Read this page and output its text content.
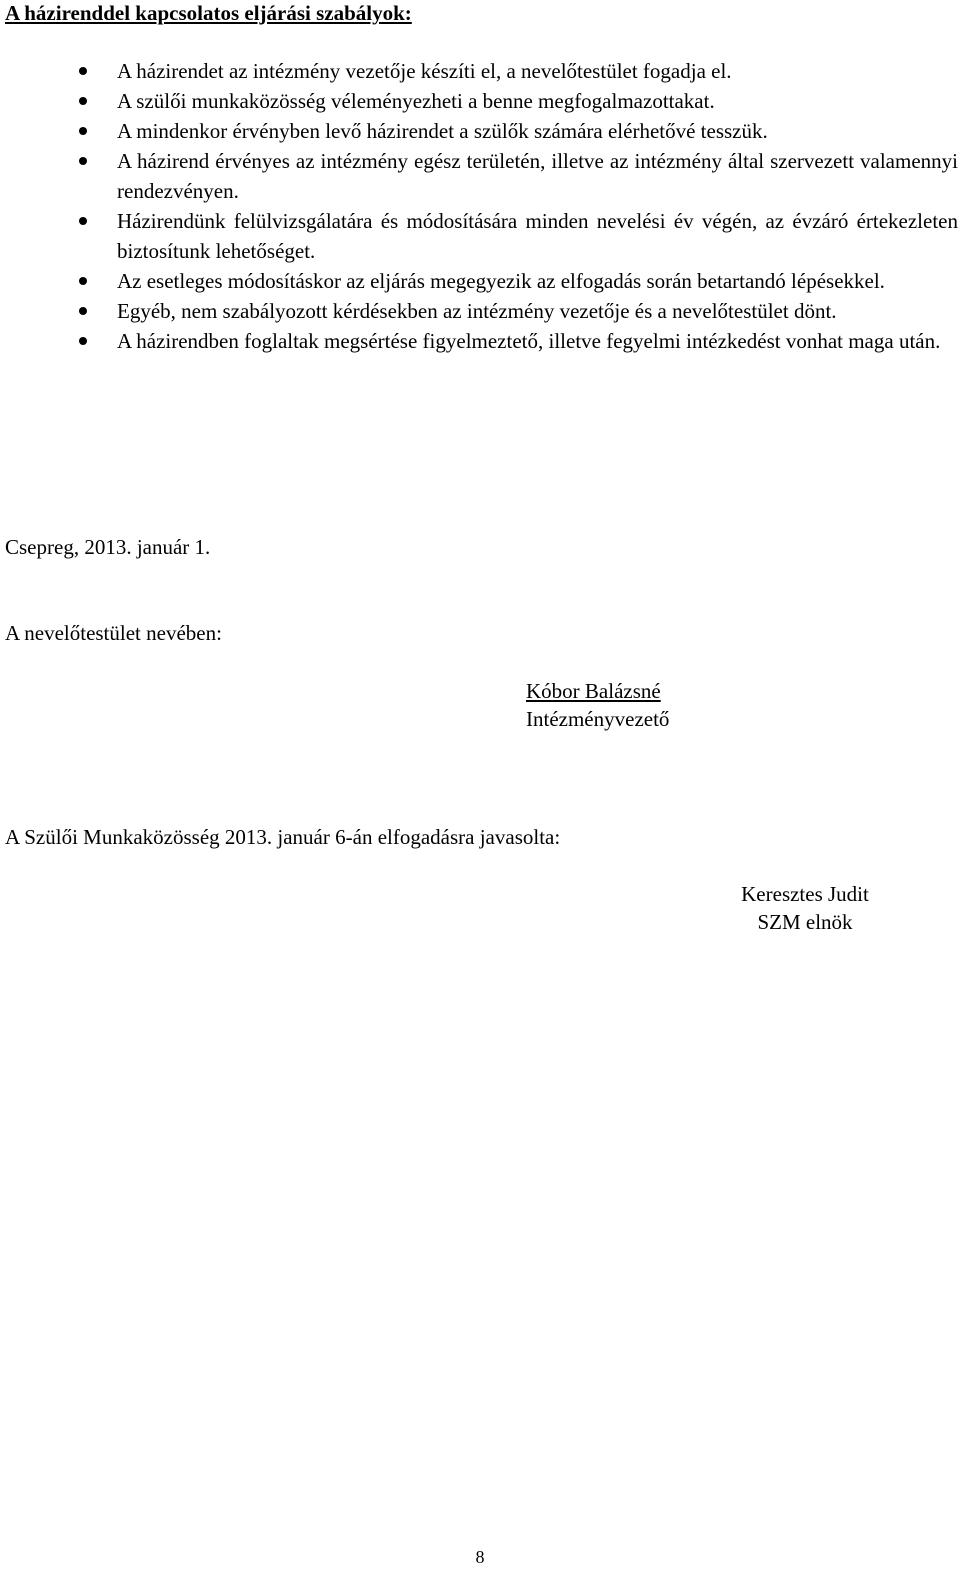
A házirenddel kapcsolatos eljárási szabályok:
A házirendet az intézmény vezetője készíti el, a nevelőtestület fogadja el.
A szülői munkaközösség véleményezheti a benne megfogalmazottakat.
A mindenkor érvényben levő házirendet a szülők számára elérhetővé tesszük.
A házirend érvényes az intézmény egész területén, illetve az intézmény által szervezett valamennyi rendezvényen.
Házirendünk felülvizsgálatára és módosítására minden nevelési év végén, az évzáró értekezleten biztosítunk lehetőséget.
Az esetleges módosításkor az eljárás megegyezik az elfogadás során betartandó lépésekkel.
Egyéb, nem szabályozott kérdésekben az intézmény vezetője és a nevelőtestület dönt.
A házirendben foglaltak megsértése figyelmeztető, illetve fegyelmi intézkedést vonhat maga után.
Csepreg, 2013. január 1.
A nevelőtestület nevében:
Kóbor Balázsné
Intézményvezető
A Szülői Munkaközösség 2013. január 6-án elfogadásra javasolta:
Keresztes Judit
SZM elnök
8
